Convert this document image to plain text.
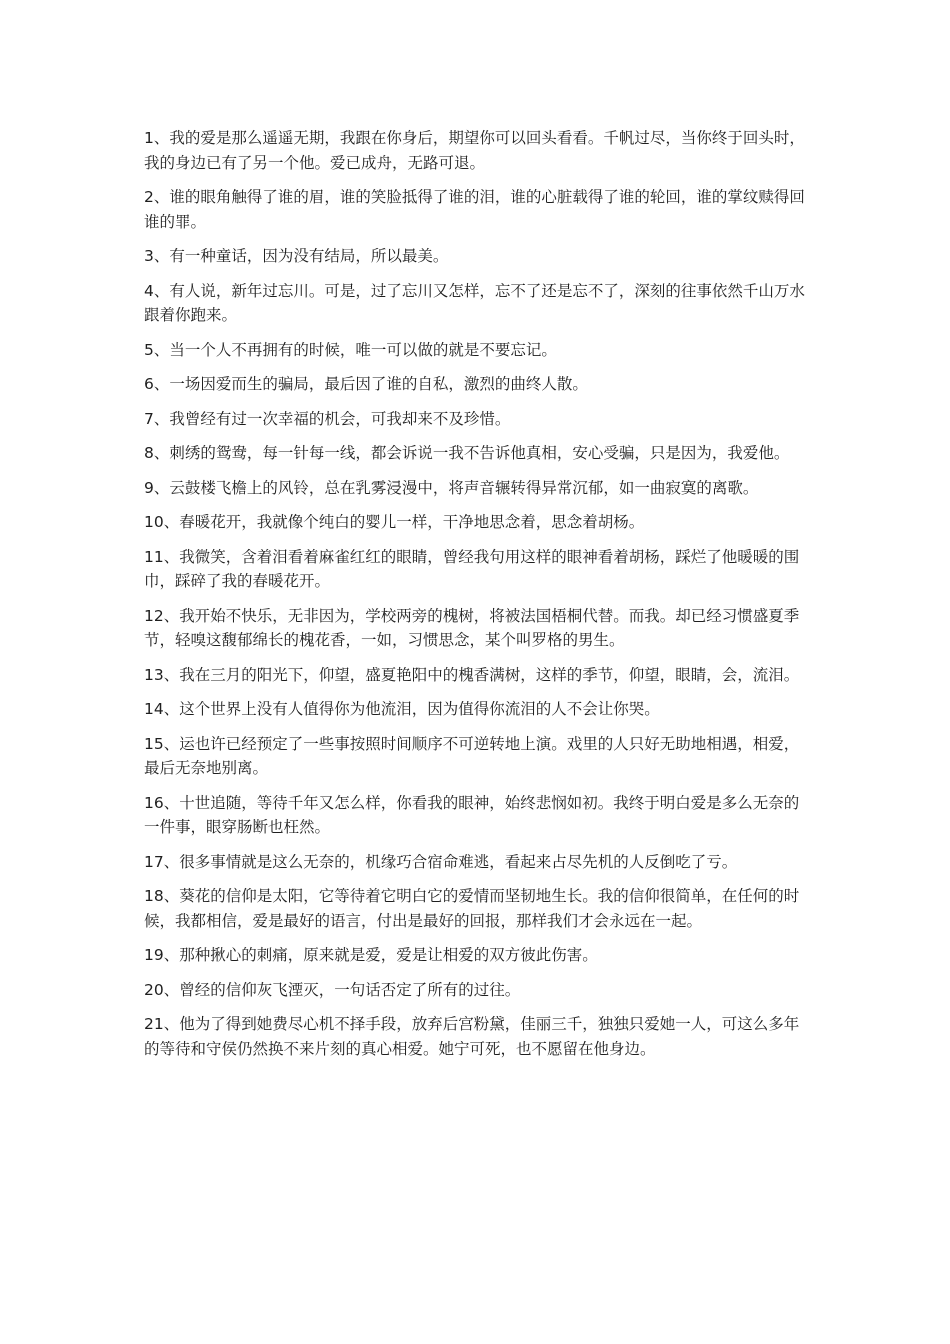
1、我的爱是那么遥遥无期，我跟在你身后，期望你可以回头看看。千帆过尽，当你终于回头时，我的身边已有了另一个他。爱已成舟，无路可退。

2、谁的眼角触得了谁的眉，谁的笑脸抵得了谁的泪，谁的心脏载得了谁的轮回，谁的掌纹赎得回谁的罪。

3、有一种童话，因为没有结局，所以最美。

4、有人说，新年过忘川。可是，过了忘川又怎样，忘不了还是忘不了，深刻的往事依然千山万水跟着你跑来。

5、当一个人不再拥有的时候，唯一可以做的就是不要忘记。

6、一场因爱而生的骗局，最后因了谁的自私，激烈的曲终人散。

7、我曾经有过一次幸福的机会，可我却来不及珍惜。

8、刺绣的鸳鸯，每一针每一线，都会诉说一我不告诉他真相，安心受骗，只是因为，我爱他。

9、云鼓楼飞檐上的风铃，总在乳雾浸漫中，将声音辗转得异常沉郁，如一曲寂寞的离歌。

10、春暖花开，我就像个纯白的婴儿一样，干净地思念着，思念着胡杨。

11、我微笑，含着泪看着麻雀红红的眼睛，曾经我句用这样的眼神看着胡杨，踩烂了他暖暖的围巾，踩碎了我的春暖花开。

12、我开始不快乐，无非因为，学校两旁的槐树，将被法国梧桐代替。而我。却已经习惯盛夏季节，轻嗅这馥郁绵长的槐花香，一如，习惯思念，某个叫罗格的男生。

13、我在三月的阳光下，仰望，盛夏艳阳中的槐香满树，这样的季节，仰望，眼睛，会，流泪。

14、这个世界上没有人值得你为他流泪，因为值得你流泪的人不会让你哭。

15、运也许已经预定了一些事按照时间顺序不可逆转地上演。戏里的人只好无助地相遇，相爱，最后无奈地别离。

16、十世追随，等待千年又怎么样，你看我的眼神，始终悲悯如初。我终于明白爱是多么无奈的一件事，眼穿肠断也枉然。

17、很多事情就是这么无奈的，机缘巧合宿命难逃，看起来占尽先机的人反倒吃了亏。

18、葵花的信仰是太阳，它等待着它明白它的爱情而坚韧地生长。我的信仰很简单，在任何的时候，我都相信，爱是最好的语言，付出是最好的回报，那样我们才会永远在一起。

19、那种揪心的刺痛，原来就是爱，爱是让相爱的双方彼此伤害。

20、曾经的信仰灰飞湮灭，一句话否定了所有的过往。

21、他为了得到她费尽心机不择手段，放弃后宫粉黛，佳丽三千，独独只爱她一人，可这么多年的等待和守侯仍然换不来片刻的真心相爱。她宁可死，也不愿留在他身边。
